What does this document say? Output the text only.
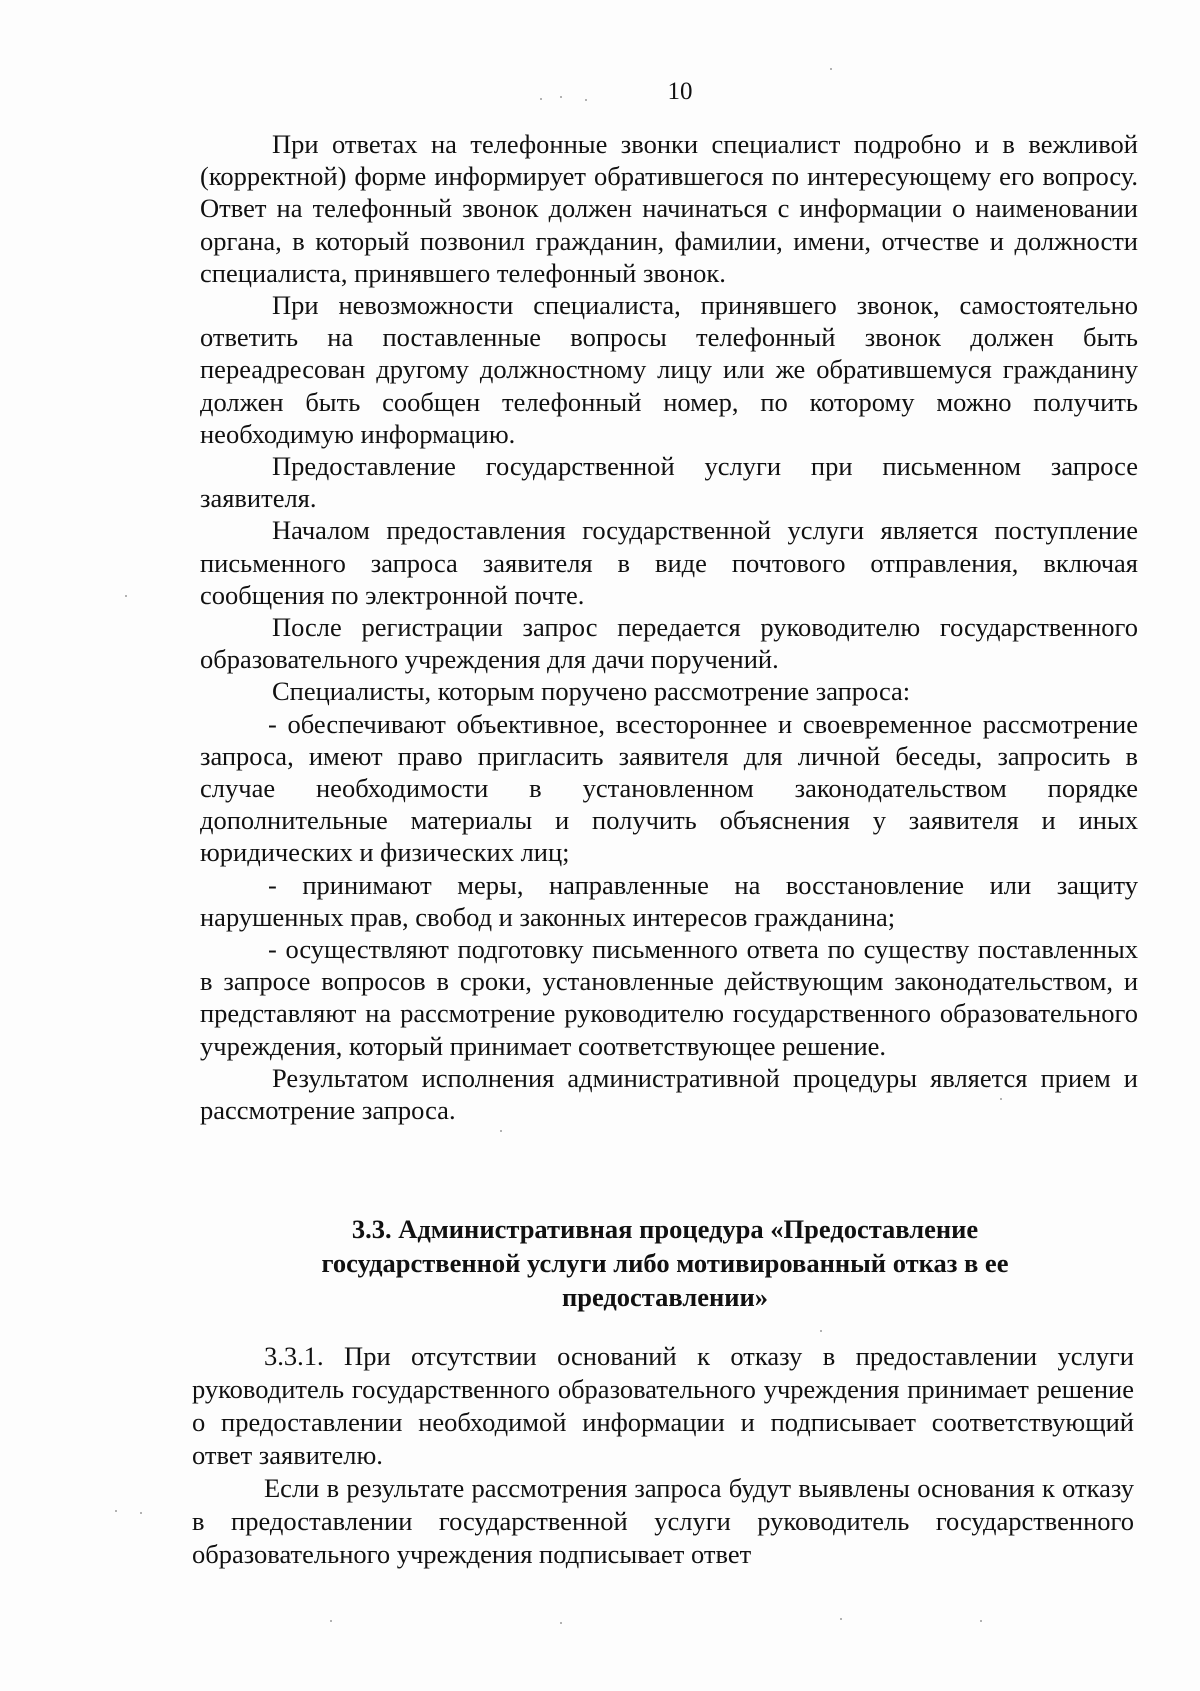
10

При ответах на телефонные звонки специалист подробно и в вежливой (корректной) форме информирует обратившегося по интересующему его вопросу. Ответ на телефонный звонок должен начинаться с информации о наименовании органа, в который позвонил гражданин, фамилии, имени, отчестве и должности специалиста, принявшего телефонный звонок.

При невозможности специалиста, принявшего звонок, самостоятельно ответить на поставленные вопросы телефонный звонок должен быть переадресован другому должностному лицу или же обратившемуся гражданину должен быть сообщен телефонный номер, по которому можно получить необходимую информацию.

Предоставление государственной услуги при письменном запросе заявителя.

Началом предоставления государственной услуги является поступление письменного запроса заявителя в виде почтового отправления, включая сообщения по электронной почте.

После регистрации запрос передается руководителю государственного образовательного учреждения для дачи поручений.

Специалисты, которым поручено рассмотрение запроса:

- обеспечивают объективное, всестороннее и своевременное рассмотрение запроса, имеют право пригласить заявителя для личной беседы, запросить в случае необходимости в установленном законодательством порядке дополнительные материалы и получить объяснения у заявителя и иных юридических и физических лиц;

- принимают меры, направленные на восстановление или защиту нарушенных прав, свобод и законных интересов гражданина;

- осуществляют подготовку письменного ответа по существу поставленных в запросе вопросов в сроки, установленные действующим законодательством, и представляют на рассмотрение руководителю государственного образовательного учреждения, который принимает соответствующее решение.

Результатом исполнения административной процедуры является прием и рассмотрение запроса.

3.3. Административная процедура «Предоставление
государственной услуги либо мотивированный отказ в ее
предоставлении»

3.3.1. При отсутствии оснований к отказу в предоставлении услуги руководитель государственного образовательного учреждения принимает решение о предоставлении необходимой информации и подписывает соответствующий ответ заявителю.

Если в результате рассмотрения запроса будут выявлены основания к отказу в предоставлении государственной услуги руководитель государственного образовательного учреждения подписывает ответ
